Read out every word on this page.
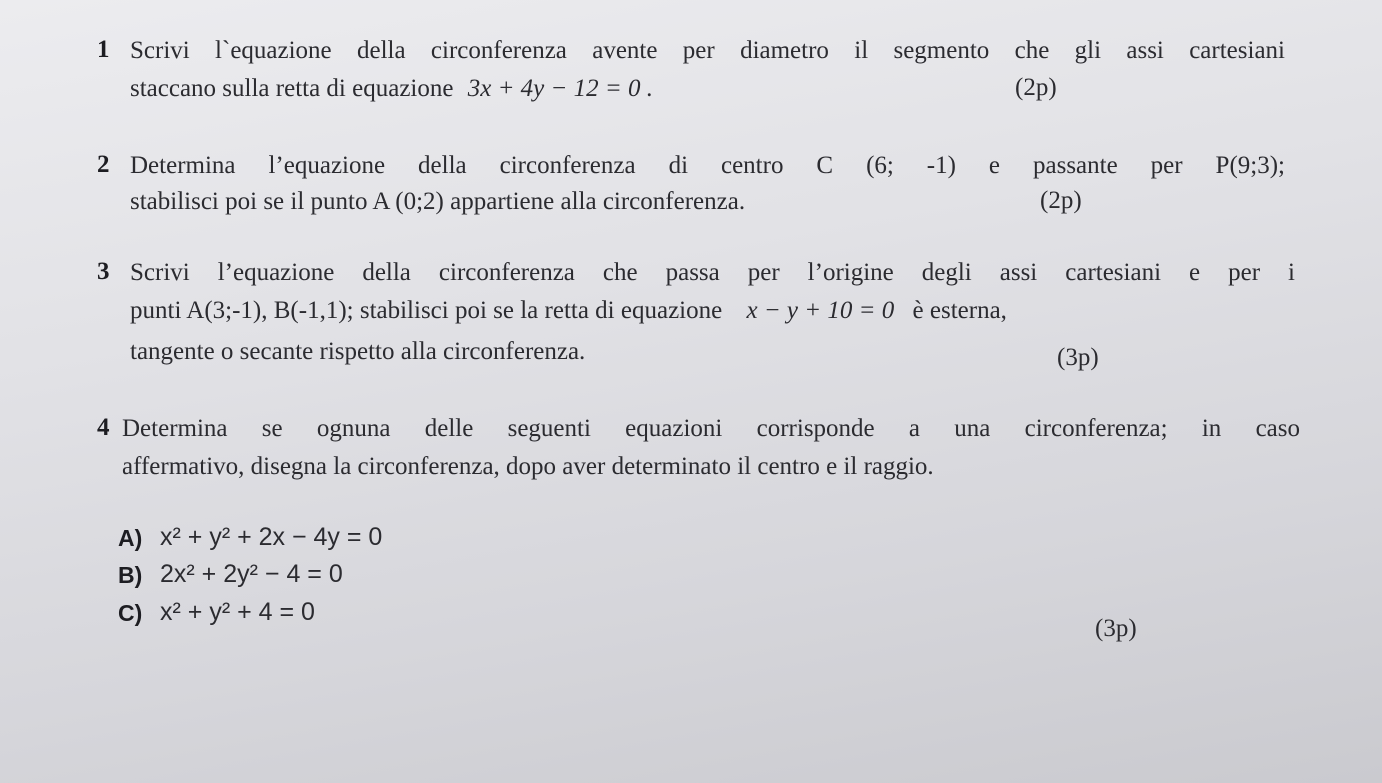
1 Scrivi l`equazione della circonferenza avente per diametro il segmento che gli assi cartesiani
staccano sulla retta di equazione 3x + 4y − 12 = 0 .	(2p)
2 Determina l’equazione della circonferenza di centro C (6; -1) e passante per P(9;3);
stabilisci poi se il punto A (0;2) appartiene alla circonferenza.	(2p)
3 Scrivi l’equazione della circonferenza che passa per l’origine degli assi cartesiani e per i
punti A(3;-1), B(-1,1); stabilisci poi se la retta di equazione x − y + 10 = 0 è esterna,
tangente o secante rispetto alla circonferenza.	(3p)
4 Determina se ognuna delle seguenti equazioni corrisponde a una circonferenza; in caso
affermativo, disegna la circonferenza, dopo aver determinato il centro e il raggio.
A) x² + y² + 2x − 4y = 0
B) 2x² + 2y² − 4 = 0
C) x² + y² + 4 = 0
(3p)
